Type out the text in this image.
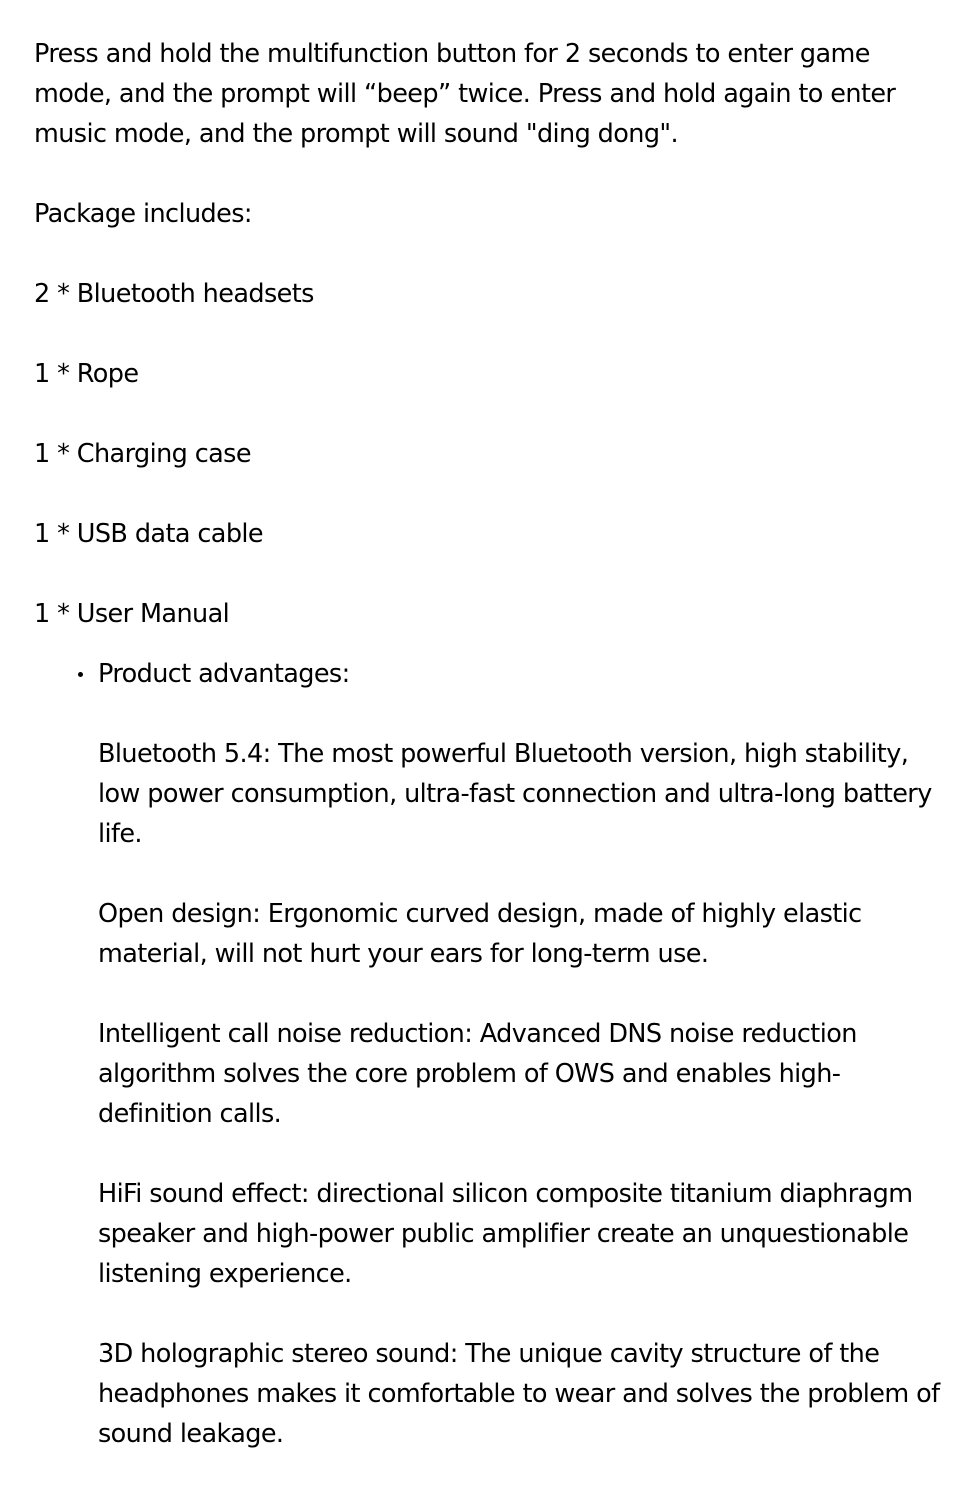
Press and hold the multifunction button for 2 seconds to enter game mode, and the prompt will “beep” twice. Press and hold again to enter music mode, and the prompt will sound "ding dong".

Package includes:

2 * Bluetooth headsets

1 * Rope

1 * Charging case

1 * USB data cable

1 * User Manual

Product advantages:

Bluetooth 5.4: The most powerful Bluetooth version, high stability, low power consumption, ultra-fast connection and ultra-long battery life.

Open design: Ergonomic curved design, made of highly elastic material, will not hurt your ears for long-term use.

Intelligent call noise reduction: Advanced DNS noise reduction algorithm solves the core problem of OWS and enables high-definition calls.

HiFi sound effect: directional silicon composite titanium diaphragm speaker and high-power public amplifier create an unquestionable listening experience.

3D holographic stereo sound: The unique cavity structure of the headphones makes it comfortable to wear and solves the problem of sound leakage.
